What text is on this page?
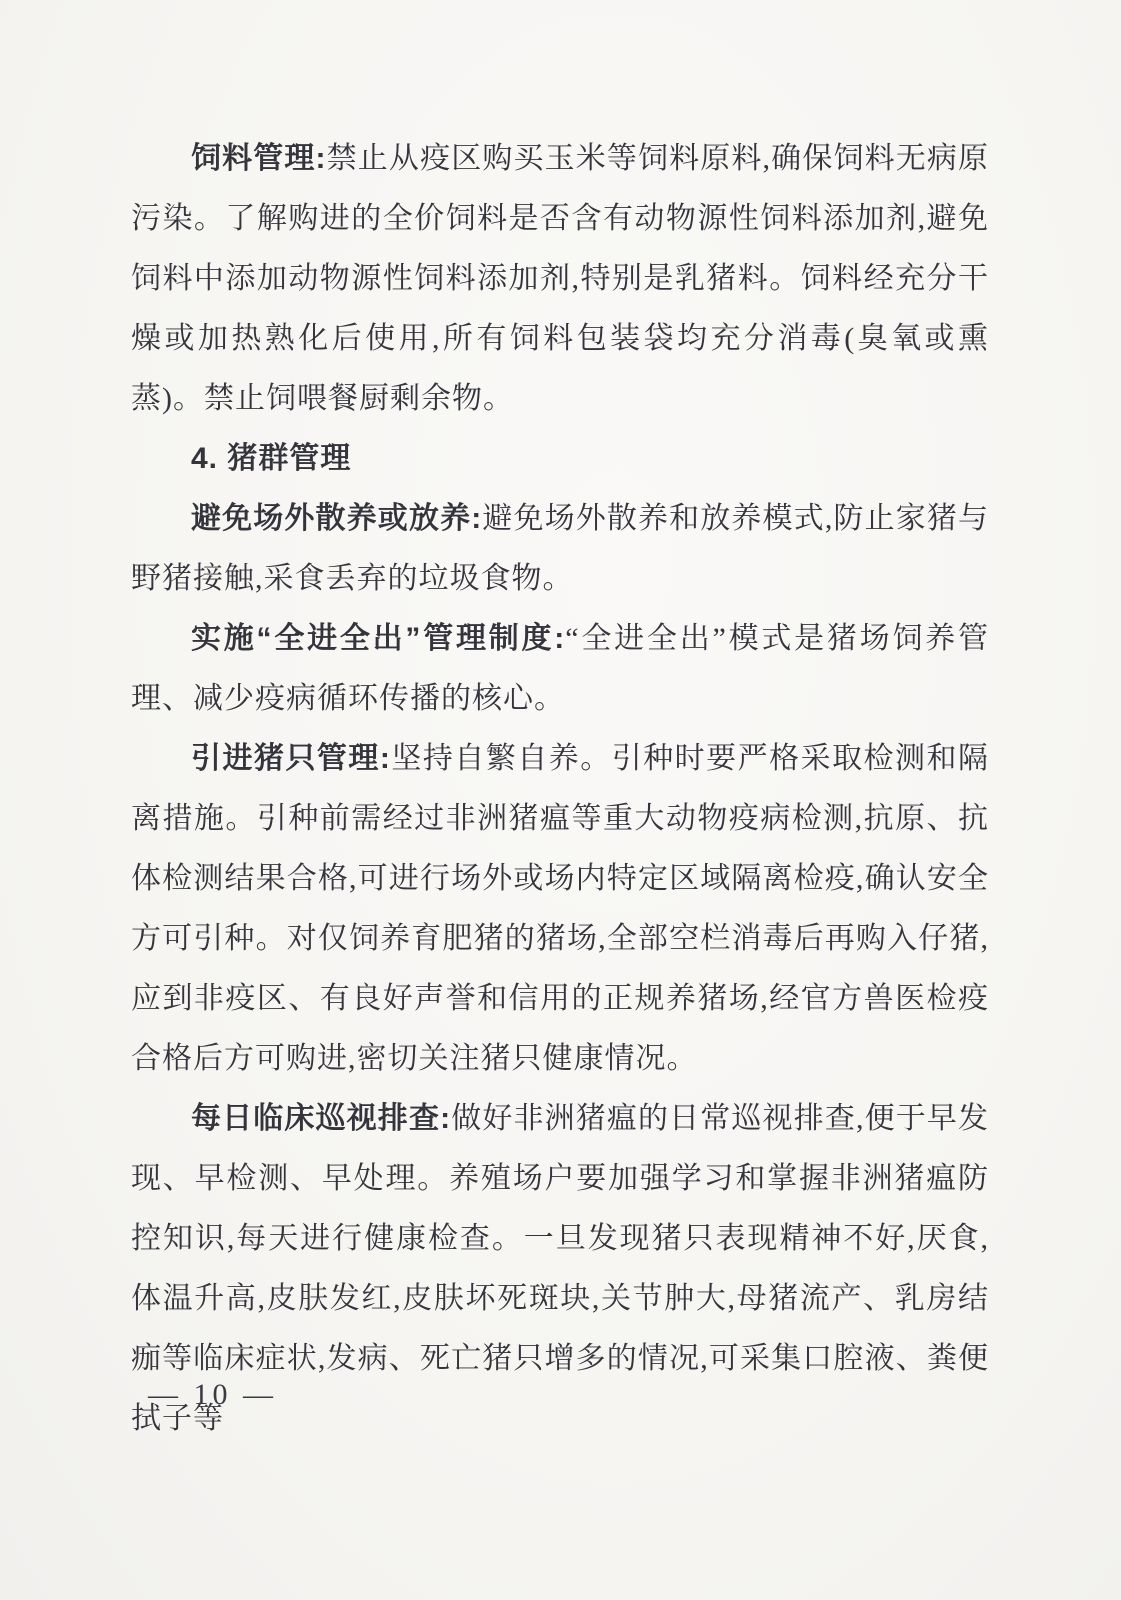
饲料管理:禁止从疫区购买玉米等饲料原料,确保饲料无病原污染。了解购进的全价饲料是否含有动物源性饲料添加剂,避免饲料中添加动物源性饲料添加剂,特别是乳猪料。饲料经充分干燥或加热熟化后使用,所有饲料包装袋均充分消毒(臭氧或熏蒸)。禁止饲喂餐厨剩余物。

4. 猪群管理

避免场外散养或放养:避免场外散养和放养模式,防止家猪与野猪接触,采食丢弃的垃圾食物。

实施“全进全出”管理制度:“全进全出”模式是猪场饲养管理、减少疫病循环传播的核心。

引进猪只管理:坚持自繁自养。引种时要严格采取检测和隔离措施。引种前需经过非洲猪瘟等重大动物疫病检测,抗原、抗体检测结果合格,可进行场外或场内特定区域隔离检疫,确认安全方可引种。对仅饲养育肥猪的猪场,全部空栏消毒后再购入仔猪,应到非疫区、有良好声誉和信用的正规养猪场,经官方兽医检疫合格后方可购进,密切关注猪只健康情况。

每日临床巡视排查:做好非洲猪瘟的日常巡视排查,便于早发现、早检测、早处理。养殖场户要加强学习和掌握非洲猪瘟防控知识,每天进行健康检查。一旦发现猪只表现精神不好,厌食,体温升高,皮肤发红,皮肤坏死斑块,关节肿大,母猪流产、乳房结痂等临床症状,发病、死亡猪只增多的情况,可采集口腔液、粪便拭子等

— 10 —
